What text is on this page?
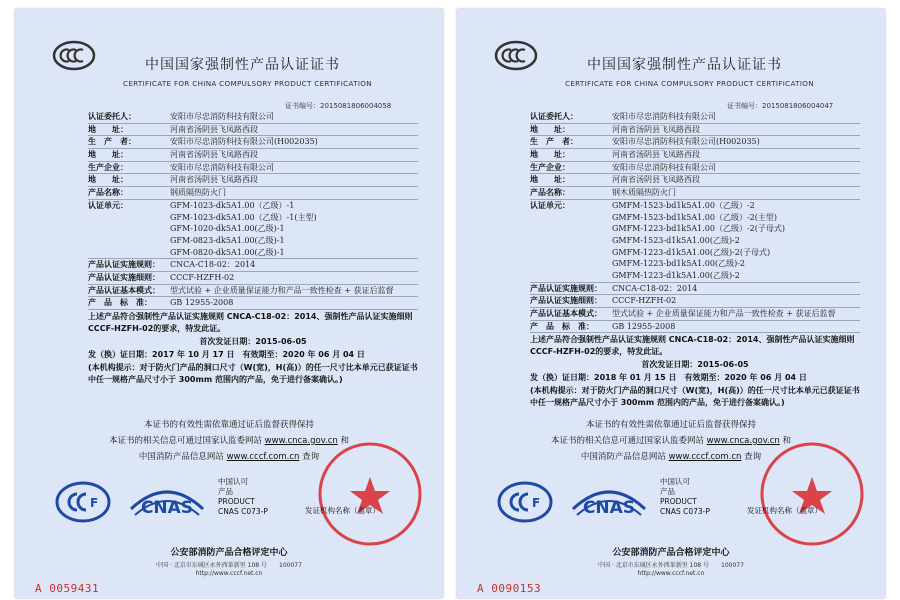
中国国家强制性产品认证证书
CERTIFICATE FOR CHINA COMPULSORY PRODUCT CERTIFICATION
证书编号：2015081806004058
认证委托人：	安阳市尽忠消防科技有限公司
地　　址：	河南省汤阴县飞凤路西段
生　产　者：	安阳市尽忠消防科技有限公司(H002035)
地　　址：	河南省汤阴县飞凤路西段
生产企业：	安阳市尽忠消防科技有限公司
地　　址：	河南省汤阴县飞凤路西段
产品名称：	钢质隔热防火门
认证单元：	GFM-1023-dk5A1.00（乙级）-1
GFM-1023-dk5A1.00（乙级）-1(主型)
GFM-1020-dk5A1.00(乙级)-1
GFM-0823-dk5A1.00(乙级)-1
GFM-0820-dk5A1.00(乙级)-1
产品认证实施规则：	CNCA-C18-02：2014
产品认证实施细则：	CCCF-HZFH-02
产品认证基本模式：	型式试验 + 企业质量保证能力和产品一致性检查 + 获证后监督
产　品　标　准：	GB 12955-2008
上述产品符合强制性产品认证实施规则 CNCA-C18-02：2014、强制性产品认证实施细则 CCCF-HZFH-02的要求，特发此证。
首次发证日期：2015-06-05
发（换）证日期：2017 年 10 月 17 日　有效期至：2020 年 06 月 04 日
(本机构提示：对于防火门产品的洞口尺寸（W(宽)，H(高)）的任一尺寸比本单元已获证证书中任一规格产品尺寸小于 300mm 范围内的产品，免于进行备案确认。)
本证书的有效性需依靠通过证后监督获得保持
本证书的相关信息可通过国家认监委网站 www.cnca.gov.cn 和
中国消防产品信息网站 www.cccf.com.cn 查询
F	CNAS
中国认可
产品
PRODUCT
CNAS C073-P	发证机构名称（盖章）
公安部消防产品合格评定中心
中国 · 北京市东城区永外西革新里 108 号　　100077
http://www.cccf.net.cn
A 0059431
中国国家强制性产品认证证书
CERTIFICATE FOR CHINA COMPULSORY PRODUCT CERTIFICATION
证书编号：2015081806004047
认证委托人：	安阳市尽忠消防科技有限公司
地　　址：	河南省汤阴县飞凤路西段
生　产　者：	安阳市尽忠消防科技有限公司(H002035)
地　　址：	河南省汤阴县飞凤路西段
生产企业：	安阳市尽忠消防科技有限公司
地　　址：	河南省汤阴县飞凤路西段
产品名称：	钢木质隔热防火门
认证单元：	GMFM-1523-bd1k5A1.00（乙级）-2
GMFM-1523-bd1k5A1.00（乙级）-2(主型)
GMFM-1223-bd1k5A1.00（乙级）-2(子母式)
GMFM-1523-d1k5A1.00(乙级)-2
GMFM-1223-d1k5A1.00(乙级)-2(子母式)
GMFM-1223-bd1k5A1.00(乙级)-2
GMFM-1223-d1k5A1.00(乙级)-2
产品认证实施规则：	CNCA-C18-02：2014
产品认证实施细则：	CCCF-HZFH-02
产品认证基本模式：	型式试验 + 企业质量保证能力和产品一致性检查 + 获证后监督
产　品　标　准：	GB 12955-2008
上述产品符合强制性产品认证实施规则 CNCA-C18-02：2014、强制性产品认证实施细则 CCCF-HZFH-02的要求，特发此证。
首次发证日期：2015-06-05
发（换）证日期：2018 年 01 月 15 日　有效期至：2020 年 06 月 04 日
(本机构提示：对于防火门产品的洞口尺寸（W(宽)，H(高)）的任一尺寸比本单元已获证证书中任一规格产品尺寸小于 300mm 范围内的产品，免于进行备案确认。)
本证书的有效性需依靠通过证后监督获得保持
本证书的相关信息可通过国家认监委网站 www.cnca.gov.cn 和
中国消防产品信息网站 www.cccf.com.cn 查询
F	CNAS
中国认可
产品
PRODUCT
CNAS C073-P	发证机构名称（盖章）
公安部消防产品合格评定中心
中国 · 北京市东城区永外西革新里 108 号　　100077
http://www.cccf.net.cn
A 0090153
